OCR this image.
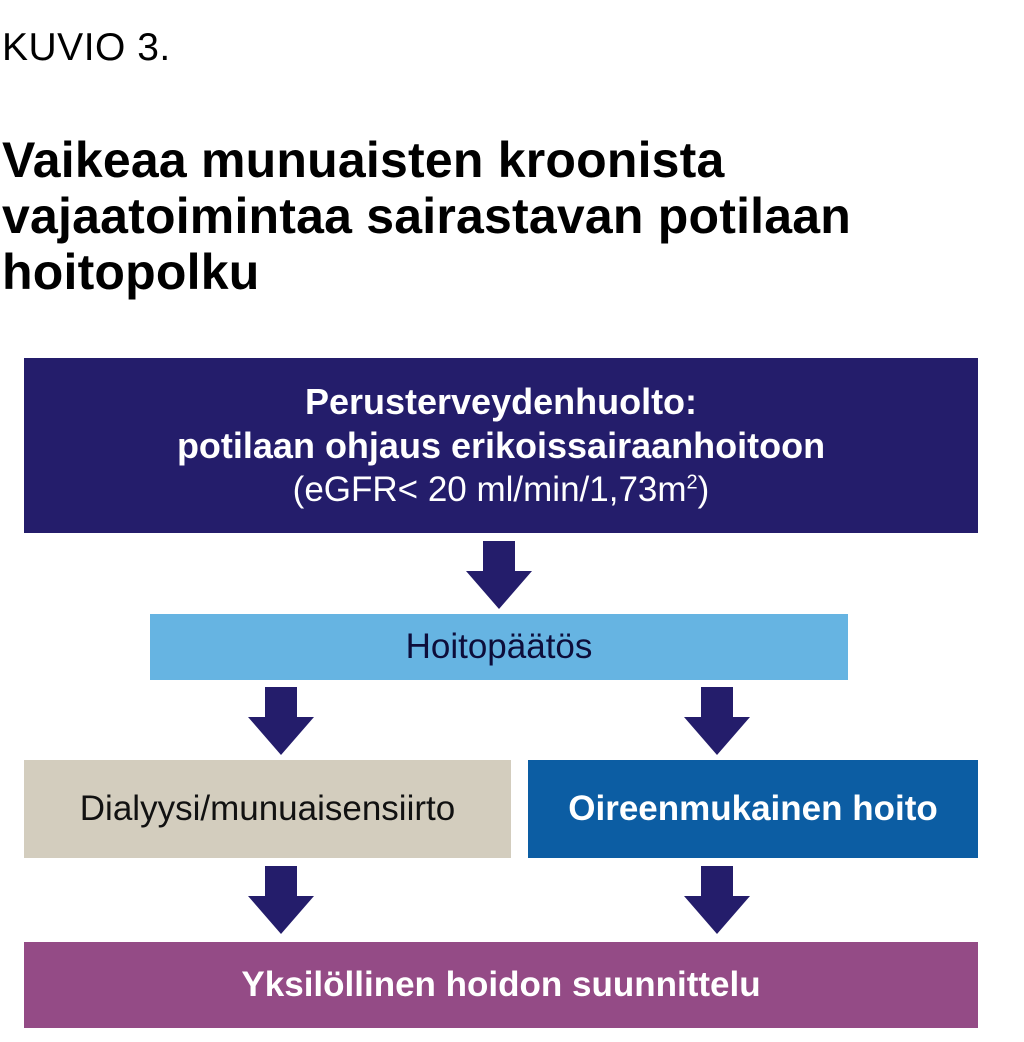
KUVIO 3.
Vaikeaa munuaisten kroonista
vajaatoimintaa sairastavan potilaan
hoitopolku
Perusterveydenhuolto:
potilaan ohjaus erikoissairaanhoitoon
(eGFR< 20 $ml/\min/1,73m^2$)
Hoitopäätös
Dialyysi/munuaisensiirto	Oireenmukainen hoito
Yksilöllinen hoidon suunnittelu
